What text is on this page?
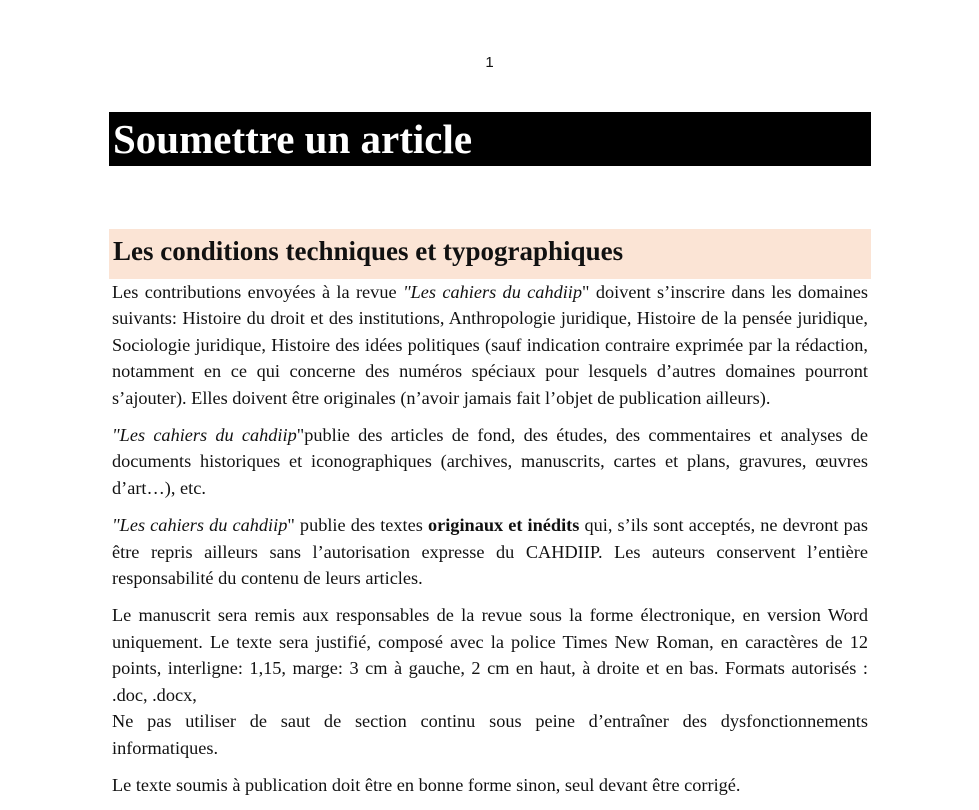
1
Soumettre un article
Les conditions techniques et typographiques

Les contributions envoyées à la revue "Les cahiers du cahdiip" doivent s’inscrire dans les domaines suivants: Histoire du droit et des institutions, Anthropologie juridique, Histoire de la pensée juridique, Sociologie juridique, Histoire des idées politiques (sauf indication contraire exprimée par la rédaction, notamment en ce qui concerne des numéros spéciaux pour lesquels d’autres domaines pourront s’ajouter). Elles doivent être originales (n’avoir jamais fait l’objet de publication ailleurs).

"Les cahiers du cahdiip"publie des articles de fond, des études, des commentaires et analyses de documents historiques et iconographiques (archives, manuscrits, cartes et plans, gravures, œuvres d’art…), etc.

"Les cahiers du cahdiip" publie des textes originaux et inédits qui, s’ils sont acceptés, ne devront pas être repris ailleurs sans l’autorisation expresse du CAHDIIP. Les auteurs conservent l’entière responsabilité du contenu de leurs articles.

Le manuscrit sera remis aux responsables de la revue sous la forme électronique, en version Word uniquement. Le texte sera justifié, composé avec la police Times New Roman, en caractères de 12 points, interligne: 1,15, marge: 3 cm à gauche, 2 cm en haut, à droite et en bas. Formats autorisés : .doc, .docx,

Ne pas utiliser de saut de section continu sous peine d’entraîner des dysfonctionnements informatiques.

Le texte soumis à publication doit être en bonne forme sinon, seul devant être corrigé.
